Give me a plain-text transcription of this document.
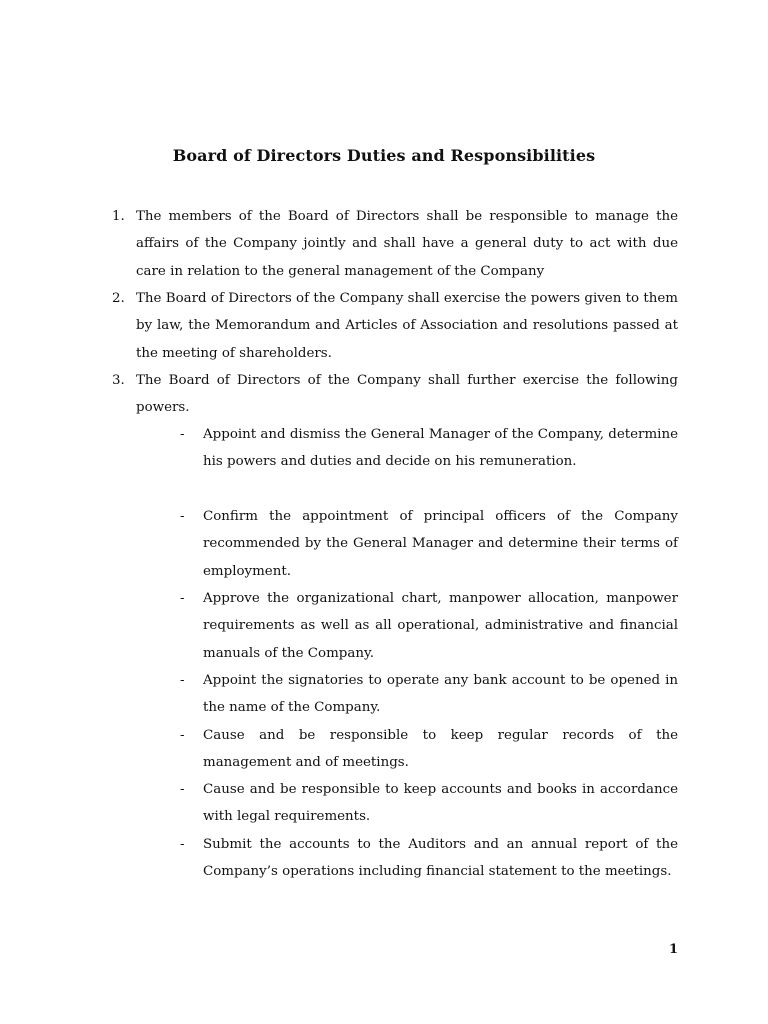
Board of Directors Duties and Responsibilities
1. The members of the Board of Directors shall be responsible to manage the affairs of the Company jointly and shall have a general duty to act with due care in relation to the general management of the Company
2. The Board of Directors of the Company shall exercise the powers given to them by law, the Memorandum and Articles of Association and resolutions passed at the meeting of shareholders.
3. The Board of Directors of the Company shall further exercise the following powers.
- Appoint and dismiss the General Manager of the Company, determine his powers and duties and decide on his remuneration.
- Confirm the appointment of principal officers of the Company recommended by the General Manager and determine their terms of employment.
- Approve the organizational chart, manpower allocation, manpower requirements as well as all operational, administrative and financial manuals of the Company.
- Appoint the signatories to operate any bank account to be opened in the name of the Company.
- Cause and be responsible to keep regular records of the management and of meetings.
- Cause and be responsible to keep accounts and books in accordance with legal requirements.
- Submit the accounts to the Auditors and an annual report of the Company’s operations including financial statement to the meetings.
1
